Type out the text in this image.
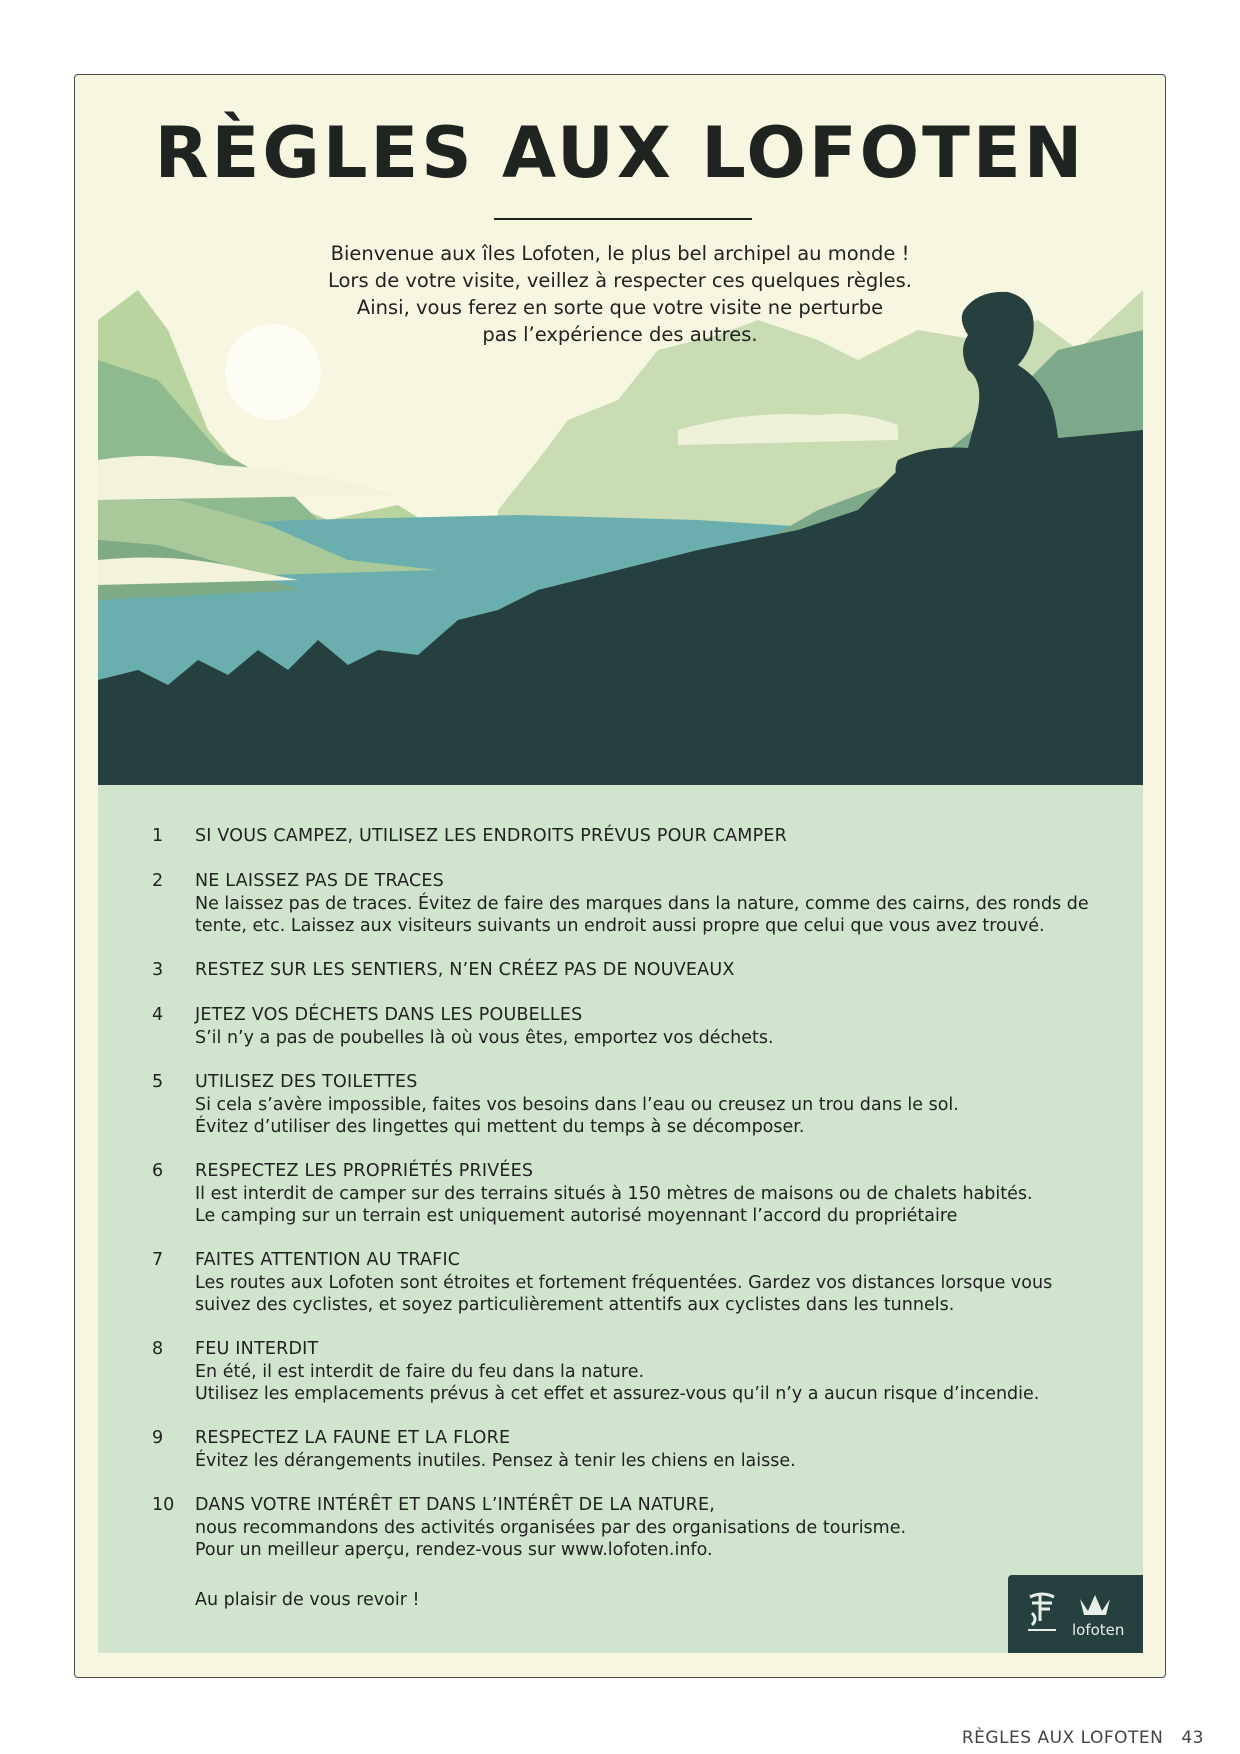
RÈGLES AUX LOFOTEN

Bienvenue aux îles Lofoten, le plus bel archipel au monde !
Lors de votre visite, veillez à respecter ces quelques règles.
Ainsi, vous ferez en sorte que votre visite ne perturbe
pas l’expérience des autres.

1 SI VOUS CAMPEZ, UTILISEZ LES ENDROITS PRÉVUS POUR CAMPER
2 NE LAISSEZ PAS DE TRACES
Ne laissez pas de traces. Évitez de faire des marques dans la nature, comme des cairns, des ronds de
tente, etc. Laissez aux visiteurs suivants un endroit aussi propre que celui que vous avez trouvé.
3 RESTEZ SUR LES SENTIERS, N’EN CRÉEZ PAS DE NOUVEAUX
4 JETEZ VOS DÉCHETS DANS LES POUBELLES
S’il n’y a pas de poubelles là où vous êtes, emportez vos déchets.
5 UTILISEZ DES TOILETTES
Si cela s’avère impossible, faites vos besoins dans l’eau ou creusez un trou dans le sol.
Évitez d’utiliser des lingettes qui mettent du temps à se décomposer.
6 RESPECTEZ LES PROPRIÉTÉS PRIVÉES
Il est interdit de camper sur des terrains situés à 150 mètres de maisons ou de chalets habités.
Le camping sur un terrain est uniquement autorisé moyennant l’accord du propriétaire
7 FAITES ATTENTION AU TRAFIC
Les routes aux Lofoten sont étroites et fortement fréquentées. Gardez vos distances lorsque vous
suivez des cyclistes, et soyez particulièrement attentifs aux cyclistes dans les tunnels.
8 FEU INTERDIT
En été, il est interdit de faire du feu dans la nature.
Utilisez les emplacements prévus à cet effet et assurez-vous qu’il n’y a aucun risque d’incendie.
9 RESPECTEZ LA FAUNE ET LA FLORE
Évitez les dérangements inutiles. Pensez à tenir les chiens en laisse.
10 DANS VOTRE INTÉRÊT ET DANS L’INTÉRÊT DE LA NATURE,
nous recommandons des activités organisées par des organisations de tourisme.
Pour un meilleur aperçu, rendez-vous sur www.lofoten.info.
Au plaisir de vous revoir !
lofoten
RÈGLES AUX LOFOTEN 43
